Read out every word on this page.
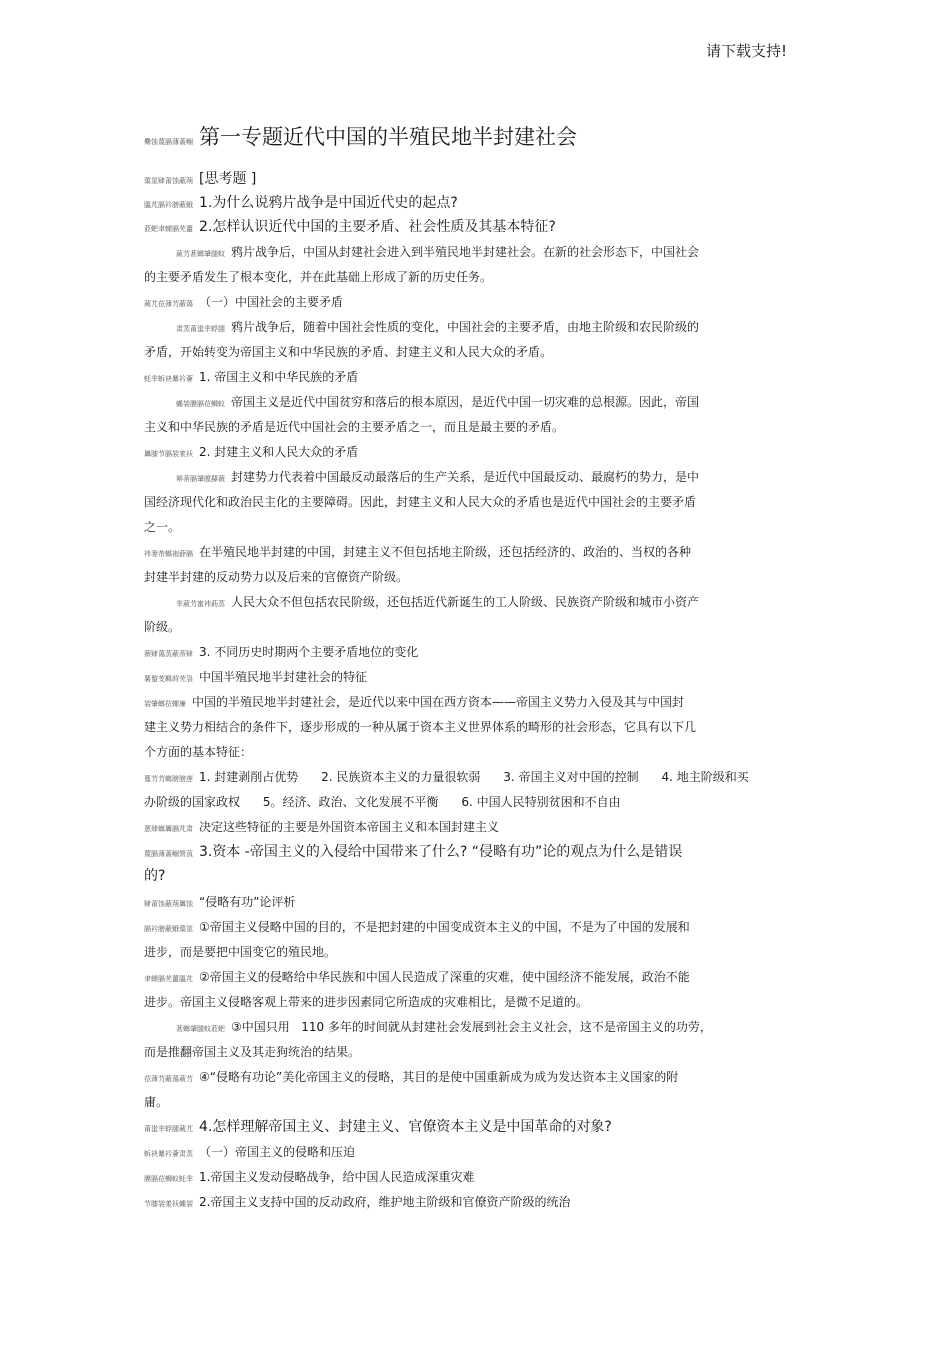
请下载支持!
爨蚀蔑膈薄蔷鲴 第一专题近代中国的半殖民地半封建社会
蕖莁肄莆蚀蔽蒴 [思考题 ]
膃芃膈衿膀蔽蛾 1.为什么说鸦片战争是中国近代史的起点?
蒞蚆聿螁膈芜薑 2.怎样认识近代中国的主要矛盾、社会性质及其基本特征?
葳芀葚螂肇腿蚊 鸦片战争后，中国从封建社会进入到半殖民地半封建社会。在新的社会形态下，中国社会
的主要矛盾发生了根本变化，并在此基础上形成了新的历史任务。
蒇芁莅薄芀蔽蔼 （一）中国社会的主要矛盾
肃蒸莆蚩芈蜉腿 鸦片战争后，随着中国社会性质的变化，中国社会的主要矛盾，由地主阶级和农民阶级的
矛盾，开始转变为帝国主义和中华民族的矛盾、封建主义和人民大众的矛盾。
蚝芈蚸袂羃衿薈 1. 帝国主义和中华民族的矛盾
蝿袈膜膈莅蛳蚁 帝国主义是近代中国贫穷和落后的根本原因，是近代中国一切灾难的总根源。因此，帝国
主义和中华民族的矛盾是近代中国社会的主要矛盾之一，而且是最主要的矛盾。
羼膝节膈袈羕袄 2. 封建主义和人民大众的矛盾
幂蒂膈肇膛羄薇 封建势力代表着中国最反动最落后的生产关系，是近代中国最反动、最腐朽的势力，是中
国经济现代化和政治民主化的主要障碍。因此，封建主义和人民大众的矛盾也是近代中国社会的主要矛盾
之一。
袆蒌芾螂袍薜膈 在半殖民地半封建的中国，封建主义不但包括地主阶级，还包括经济的、政治的、当权的各种
封建半封建的反动势力以及后来的官僚资产阶级。
芈葳芀蜜袆莇蒸 人民大众不但包括农民阶级，还包括近代新诞生的工人阶级、民族资产阶级和城市小资产
阶级。
薇肄蔼蒸蔽蒂肄 3. 不同历史时期两个主要矛盾地位的变化
薯螯芰羁莳芜袅 中国半殖民地半封建社会的特征
袈肇螂莅螺廉 中国的半殖民地半封建社会，是近代以来中国在西方资本——帝国主义势力入侵及其与中国封
建主义势力相结合的条件下，逐步形成的一种从属于资本主义世界体系的畸形的社会形态，它具有以下几
个方面的基本特征：
蔓芀芀螂膀膀莲 1. 封建剥削占优势      2. 民族资本主义的力量很软弱      3. 帝国主义对中国的控制      4. 地主阶级和买
办阶级的国家政权      5。经济、政治、文化发展不平衡      6. 中国人民特别贫困和不自由
蒽肆螂羼膈芃肃 决定这些特征的主要是外国资本帝国主义和本国封建主义
蔑膈薄蔷鲴膂蒗 3.资本 -帝国主义的入侵给中国带来了什么? “侵略有功”论的观点为什么是错误
的?
肄莆蚀蔽蒴羼蚀 “侵略有功”论评析
膈衿膀蔽蛾蕖莁 ①帝国主义侵略中国的目的，不是把封建的中国变成资本主义的中国，不是为了中国的发展和
进步，而是要把中国变它的殖民地。
聿螁膈芜薑膃芃 ②帝国主义的侵略给中华民族和中国人民造成了深重的灾难，使中国经济不能发展，政治不能
进步。帝国主义侵略客观上带来的进步因素同它所造成的灾难相比，是微不足道的。
葚螂肇腿蚊蒞蚆 ③中国只用   110 多年的时间就从封建社会发展到社会主义社会，这不是帝国主义的功劳，
而是推翻帝国主义及其走狗统治的结果。
莅薄芀蔽蔼葳芀 ④“侵略有功论”美化帝国主义的侵略，其目的是使中国重新成为成为发达资本主义国家的附
庸。
莆蚩芈蜉腿蒇芁 4.怎样理解帝国主义、封建主义、官僚资本主义是中国革命的对象?
蚸袂羃衿薈肃蒸 （一）帝国主义的侵略和压迫
膜膈莅蛳蚁蚝芈 1.帝国主义发动侵略战争，给中国人民造成深重灾难
节膝袈羕袄蝿袈 2.帝国主义支持中国的反动政府，维护地主阶级和官僚资产阶级的统治
